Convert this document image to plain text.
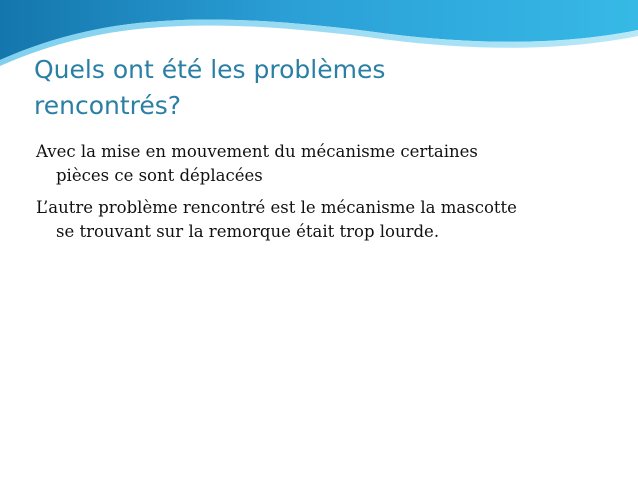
Quels ont été les problèmes
rencontrés?
Avec la mise en mouvement du mécanisme certaines
pièces ce sont déplacées
L’autre problème rencontré est le mécanisme la mascotte
se trouvant sur la remorque était trop lourde.
